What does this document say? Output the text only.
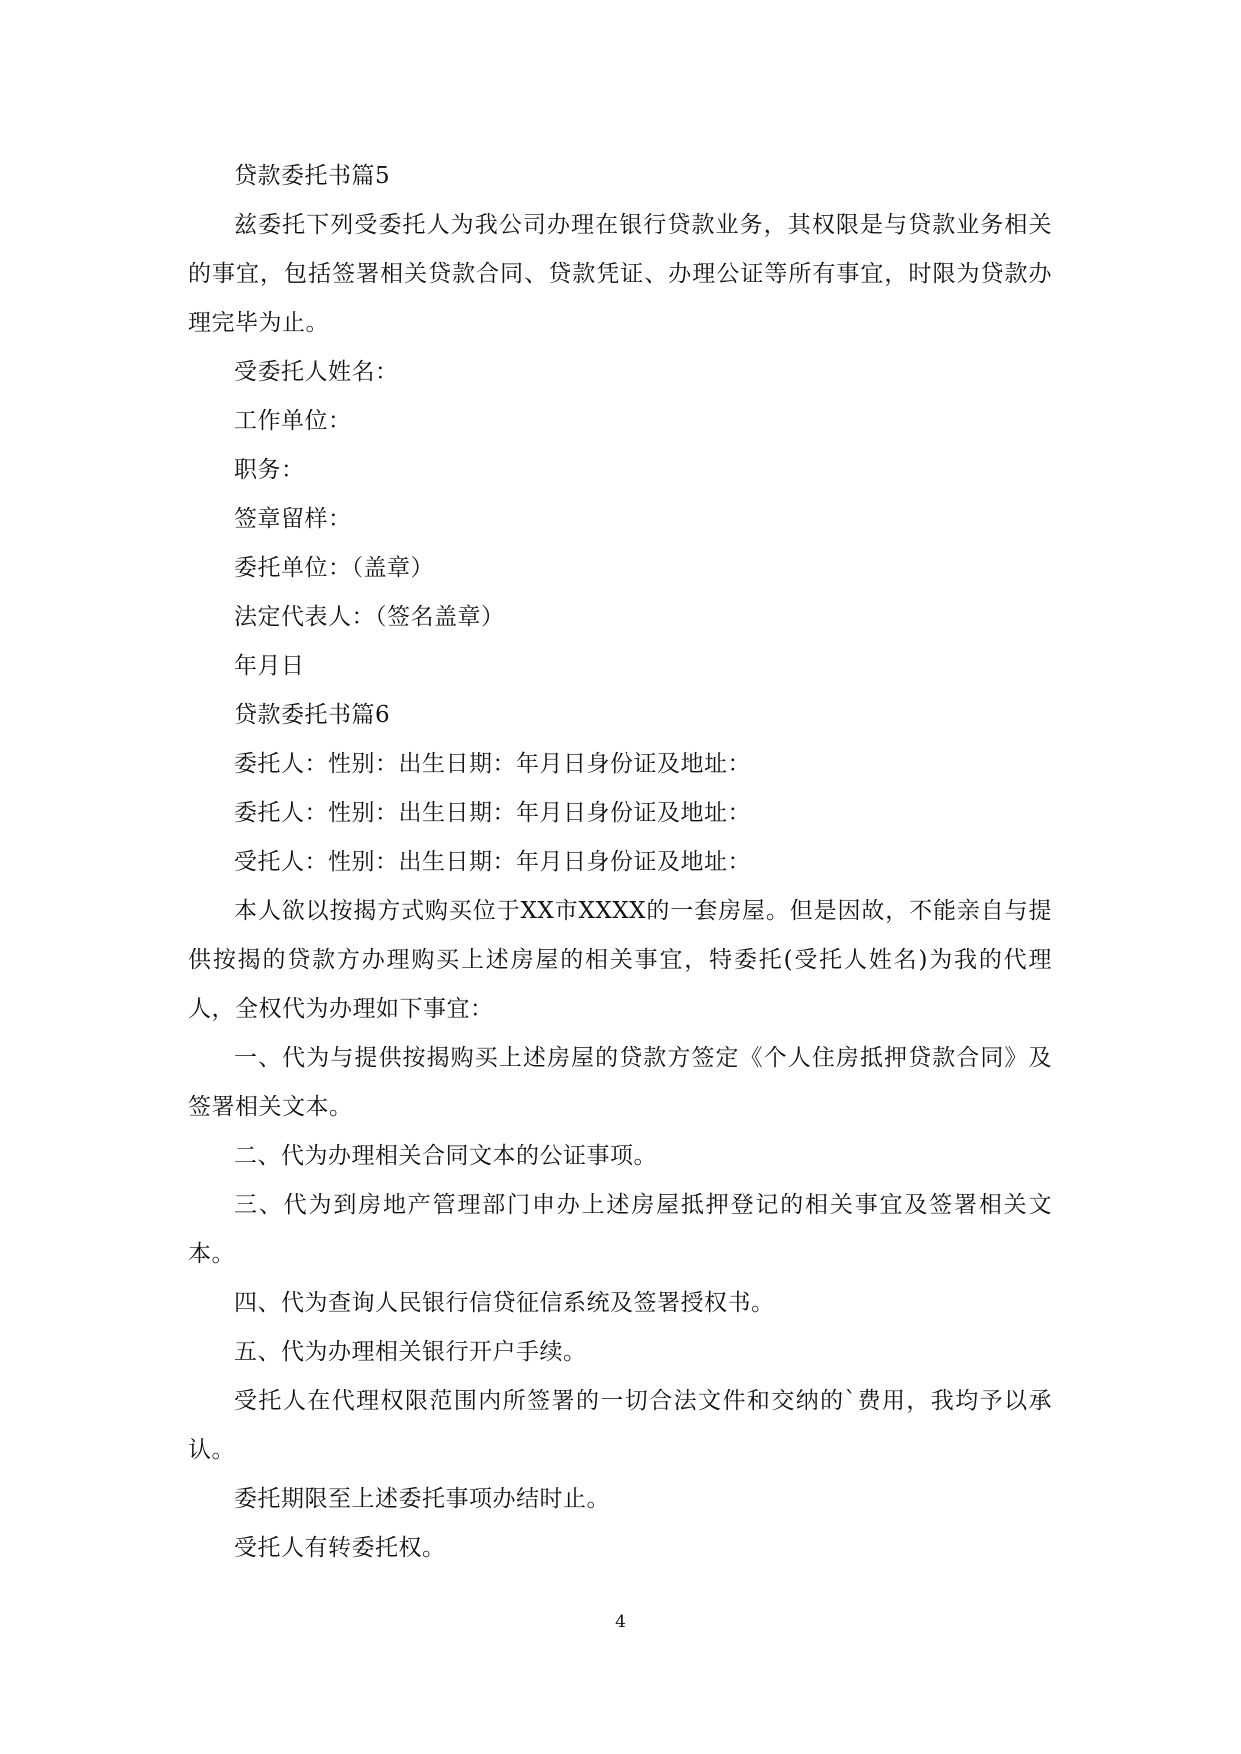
贷款委托书篇5

兹委托下列受委托人为我公司办理在银行贷款业务，其权限是与贷款业务相关的事宜，包括签署相关贷款合同、贷款凭证、办理公证等所有事宜，时限为贷款办理完毕为止。

受委托人姓名：

工作单位：

职务：

签章留样：

委托单位：（盖章）

法定代表人：（签名盖章）

年月日

贷款委托书篇6

委托人：性别：出生日期：年月日身份证及地址：

委托人：性别：出生日期：年月日身份证及地址：

受托人：性别：出生日期：年月日身份证及地址：

本人欲以按揭方式购买位于XX市XXXX的一套房屋。但是因故，不能亲自与提供按揭的贷款方办理购买上述房屋的相关事宜，特委托(受托人姓名)为我的代理人，全权代为办理如下事宜：

一、代为与提供按揭购买上述房屋的贷款方签定《个人住房抵押贷款合同》及签署相关文本。

二、代为办理相关合同文本的公证事项。

三、代为到房地产管理部门申办上述房屋抵押登记的相关事宜及签署相关文本。

四、代为查询人民银行信贷征信系统及签署授权书。

五、代为办理相关银行开户手续。

受托人在代理权限范围内所签署的一切合法文件和交纳的`费用，我均予以承认。

委托期限至上述委托事项办结时止。

受托人有转委托权。

4
